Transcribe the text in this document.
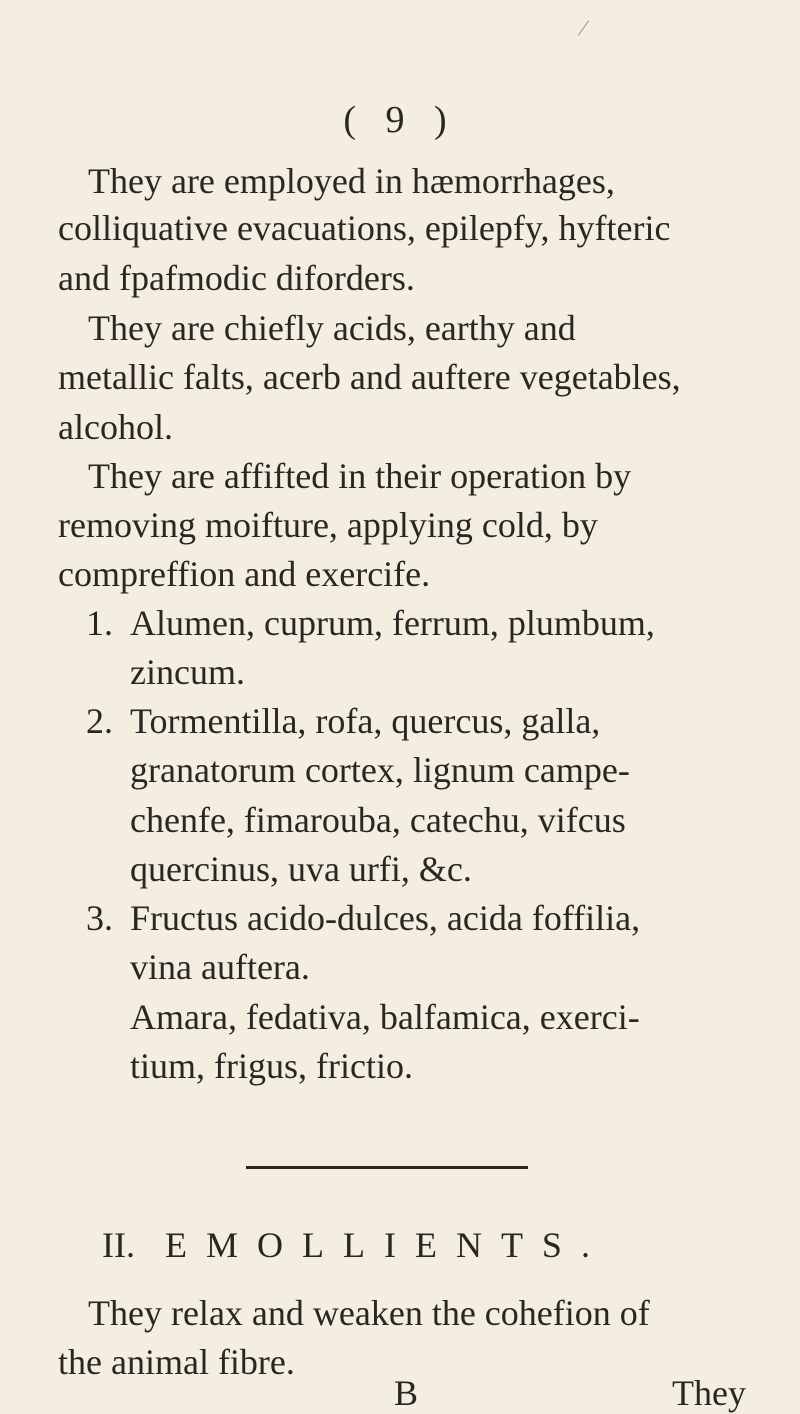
( 9 )
They are employed in hæmorrhages,
colliquative evacuations, epilepfy, hyfteric
and fpafmodic diforders.
They are chiefly acids, earthy and
metallic falts, acerb and auftere vegetables,
alcohol.
They are affifted in their operation by
removing moifture, applying cold, by
compreffion and exercife.
1. Alumen, cuprum, ferrum, plumbum,
zincum.
2. Tormentilla, rofa, quercus, galla,
granatorum cortex, lignum campe-
chenfe, fimarouba, catechu, vifcus
quercinus, uva urfi, &c.
3. Fructus acido-dulces, acida foffilia,
vina auftera.
Amara, fedativa, balfamica, exerci-
tium, frigus, frictio.
II. EMOLLIENTS.
They relax and weaken the cohefion of
the animal fibre.
B	They
